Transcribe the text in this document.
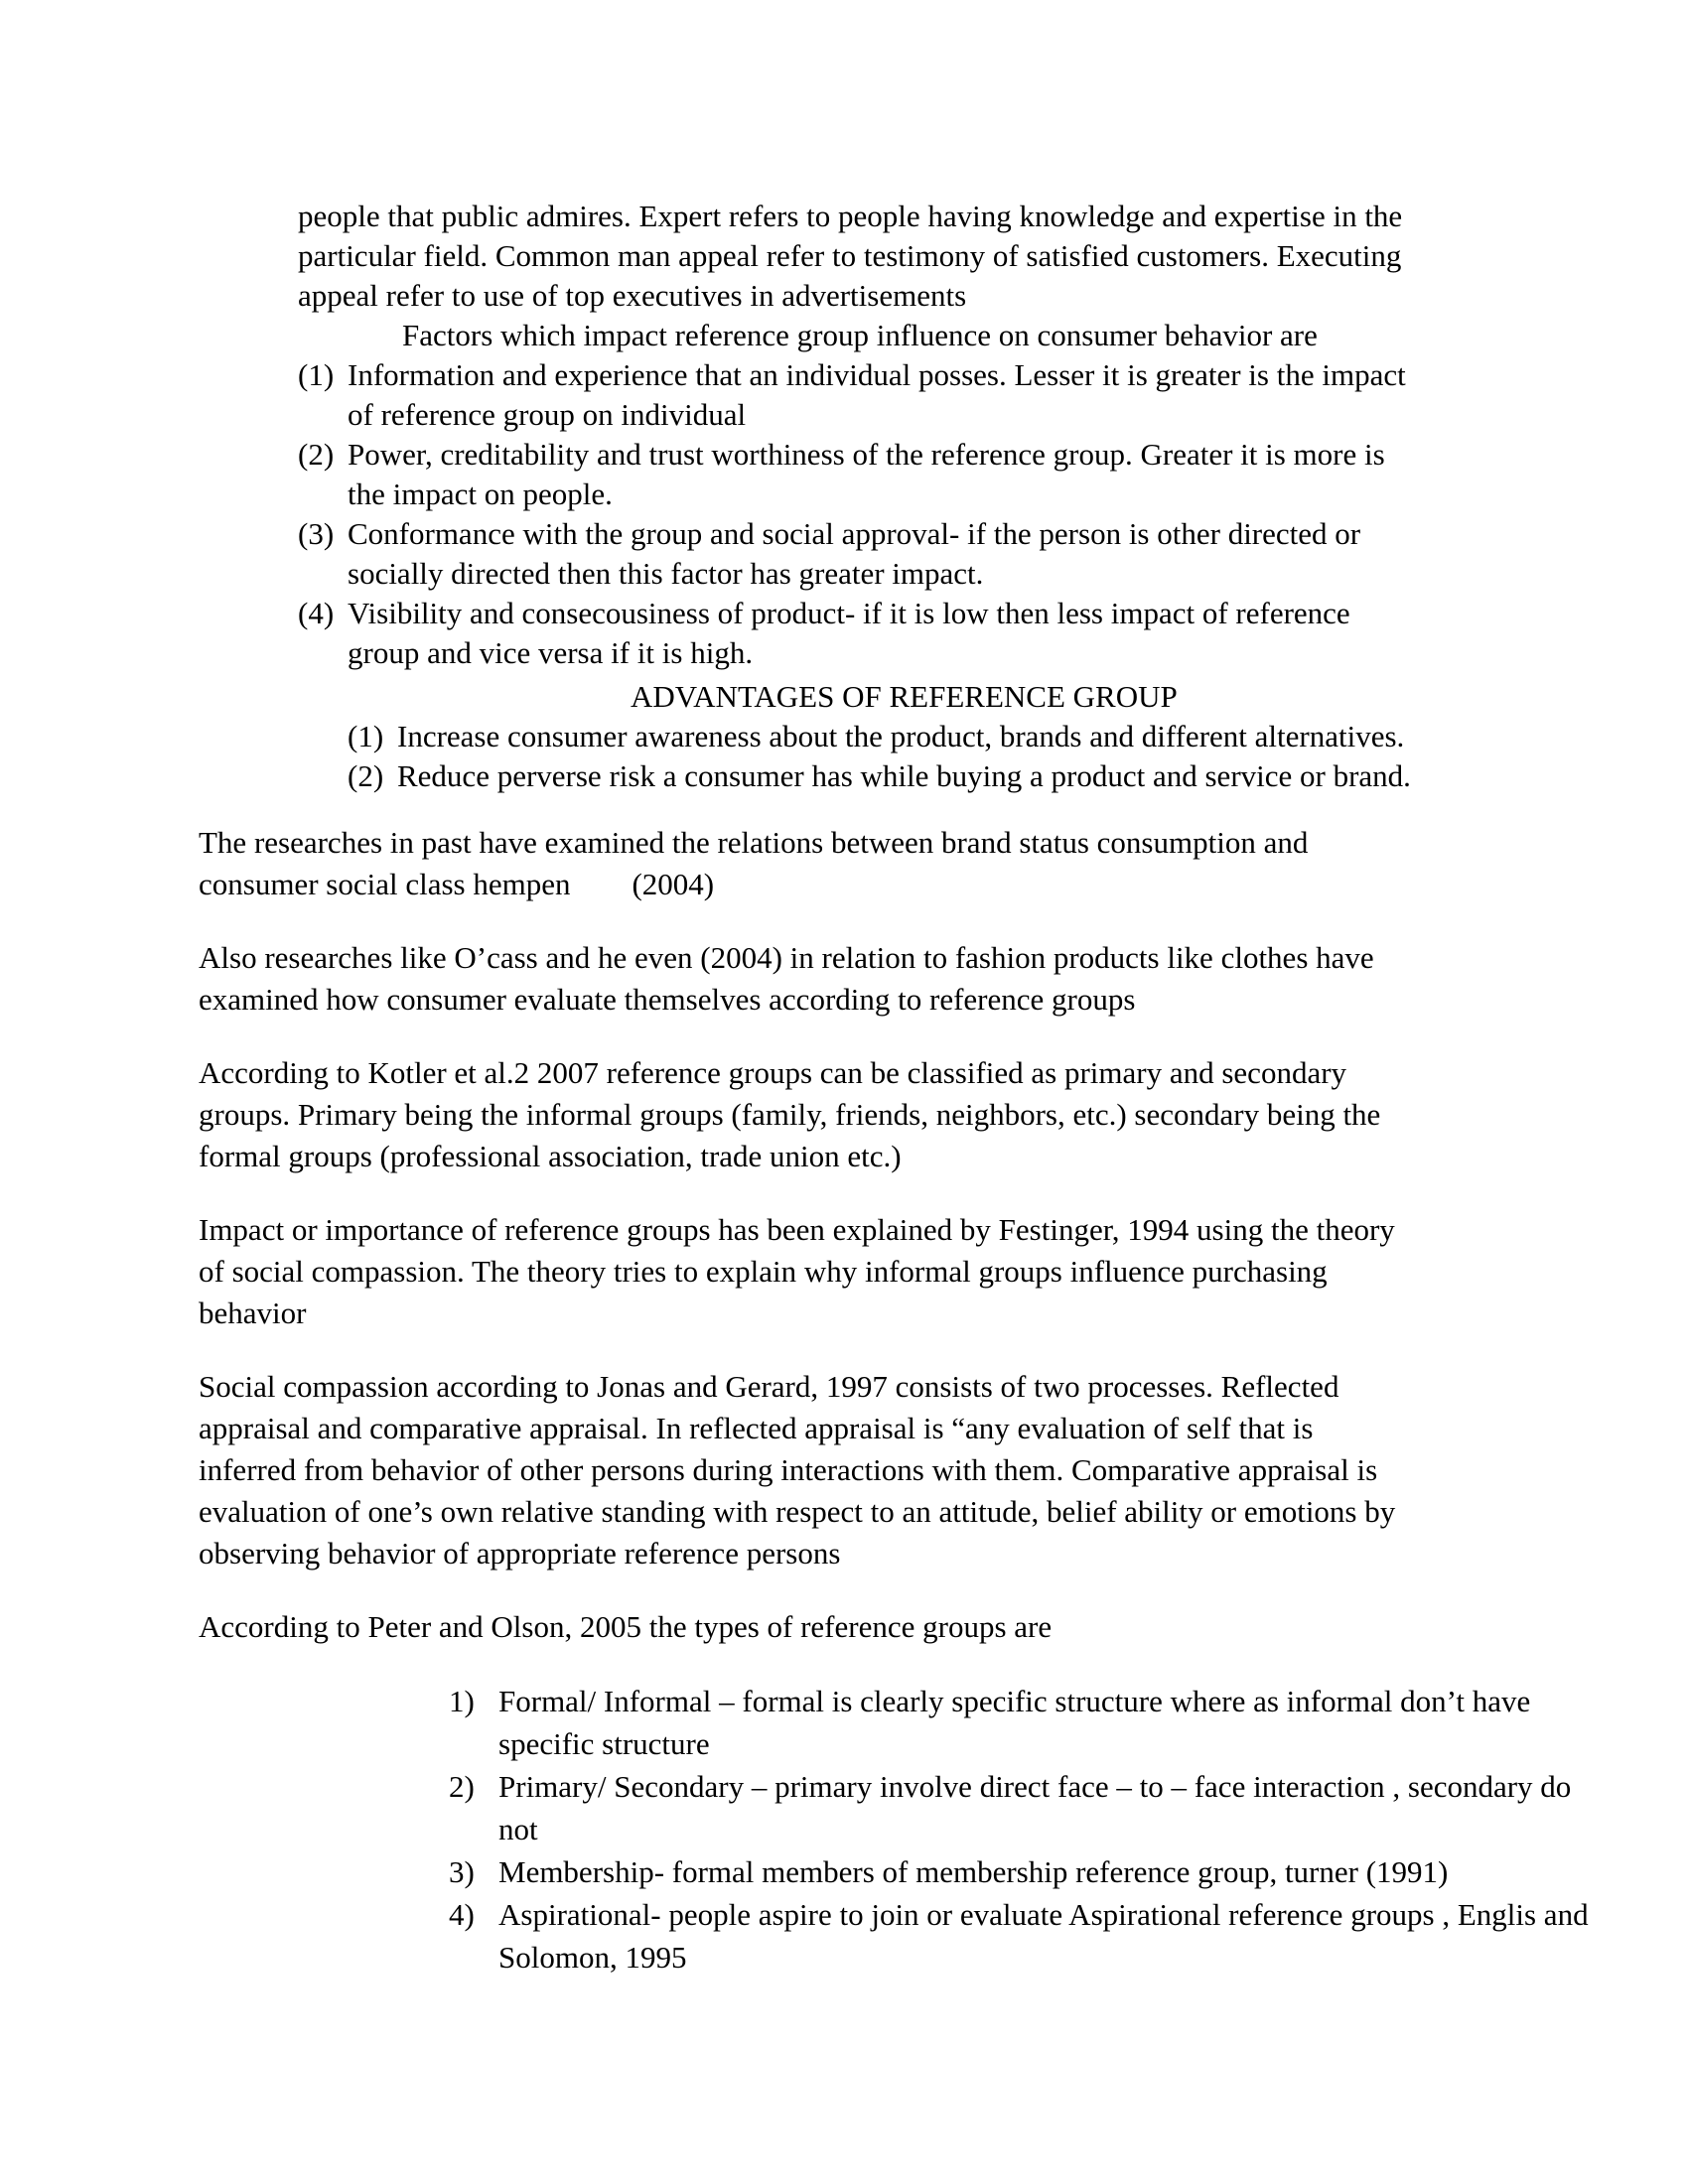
people that public admires. Expert refers to people having knowledge and expertise in the
particular field. Common man appeal refer to testimony of satisfied customers. Executing
appeal refer to use of top executives in advertisements
Factors which impact reference group influence on consumer behavior are
(1) Information and experience that an individual posses. Lesser it is greater is the impact
of reference group on individual
(2) Power, creditability and trust worthiness of the reference group. Greater it is more is
the impact on people.
(3) Conformance with the group and social approval- if the person is other directed or
socially directed then this factor has greater impact.
(4) Visibility and consecousiness of product- if it is low then less impact of reference
group and vice versa if it is high.
ADVANTAGES OF REFERENCE GROUP
(1) Increase consumer awareness about the product, brands and different alternatives.
(2) Reduce perverse risk a consumer has while buying a product and service or brand.
The researches in past have examined the relations between brand status consumption and
consumer social class hempen        (2004)
Also researches like O’cass and he even (2004) in relation to fashion products like clothes have
examined how consumer evaluate themselves according to reference groups
According to Kotler et al.2 2007 reference groups can be classified as primary and secondary
groups. Primary being the informal groups (family, friends, neighbors, etc.) secondary being the
formal groups (professional association, trade union etc.)
Impact or importance of reference groups has been explained by Festinger, 1994 using the theory
of social compassion. The theory tries to explain why informal groups influence purchasing
behavior
Social compassion according to Jonas and Gerard, 1997 consists of two processes. Reflected
appraisal and comparative appraisal. In reflected appraisal is “any evaluation of self that is
inferred from behavior of other persons during interactions with them. Comparative appraisal is
evaluation of one’s own relative standing with respect to an attitude, belief ability or emotions by
observing behavior of appropriate reference persons
According to Peter and Olson, 2005 the types of reference groups are
1) Formal/ Informal – formal is clearly specific structure where as informal don’t have
specific structure
2) Primary/ Secondary – primary involve direct face – to – face interaction , secondary do
not
3) Membership- formal members of membership reference group, turner (1991)
4) Aspirational- people aspire to join or evaluate Aspirational reference groups , Englis and
Solomon, 1995
